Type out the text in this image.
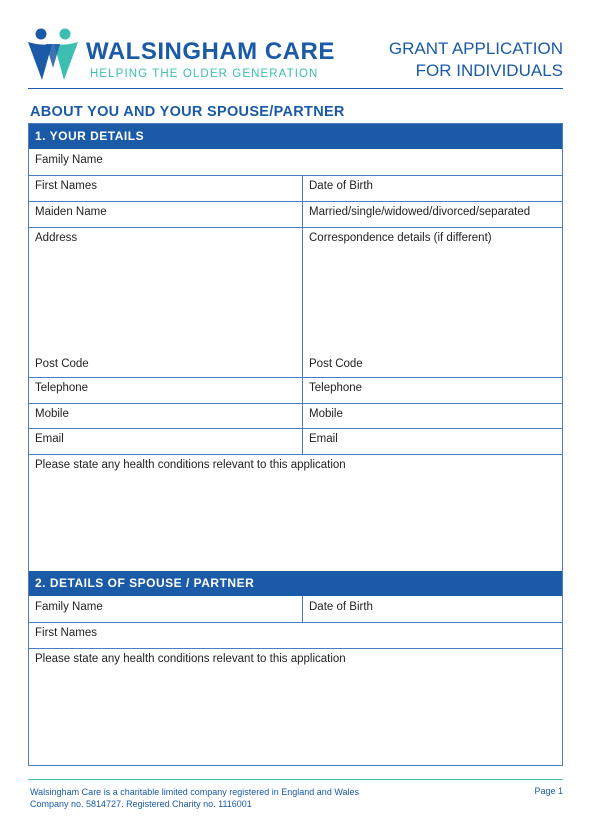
WALSINGHAM CARE
HELPING THE OLDER GENERATION
GRANT APPLICATION
FOR INDIVIDUALS
ABOUT YOU AND YOUR SPOUSE/PARTNER
1. YOUR DETAILS
Family Name
First Names	Date of Birth
Maiden Name	Married/single/widowed/divorced/separated
Address	Correspondence details (if different)
Post Code	Post Code
Telephone	Telephone
Mobile	Mobile
Email	Email
Please state any health conditions relevant to this application
2. DETAILS OF SPOUSE / PARTNER
Family Name	Date of Birth
First Names
Please state any health conditions relevant to this application
Walsingham Care is a charitable limited company registered in England and Wales
Company no. 5814727. Registered Charity no. 1116001
Page 1
